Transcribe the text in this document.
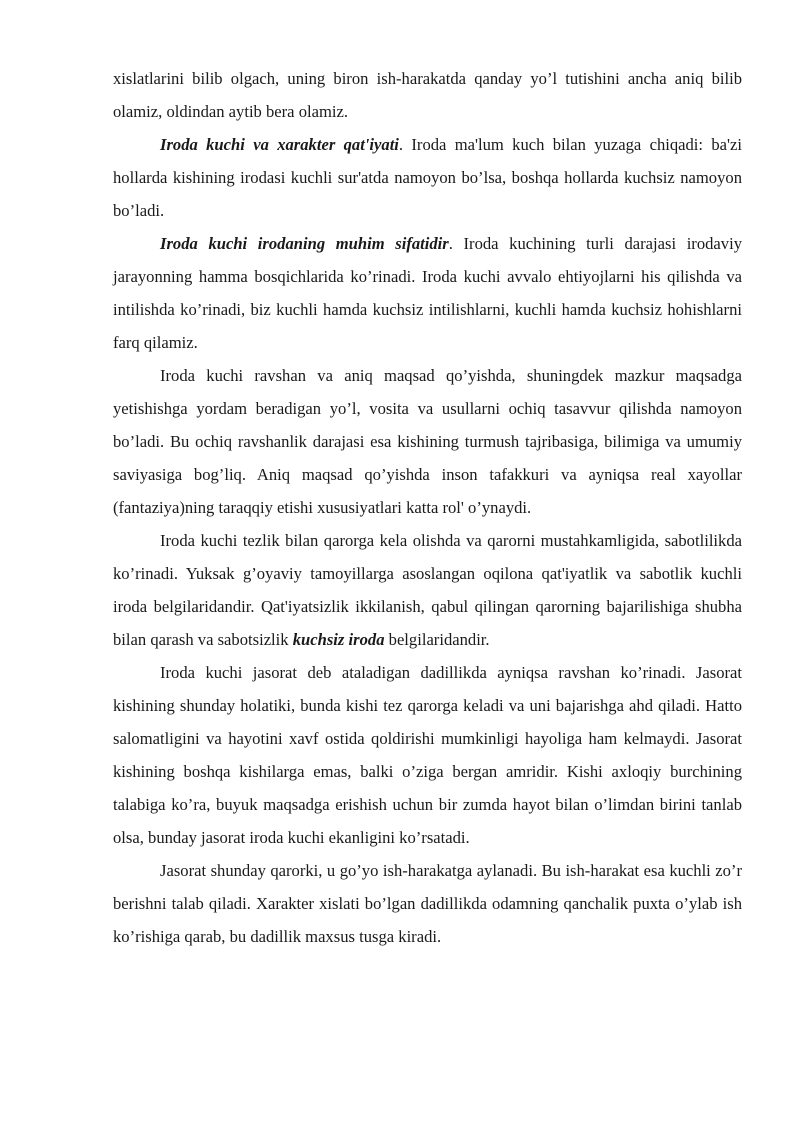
xislatlarini bilib olgach, uning biron ish-harakatda qanday yo’l tutishini ancha aniq bilib olamiz, oldindan aytib bera olamiz.

Iroda kuchi va xarakter qat'iyati. Iroda ma'lum kuch bilan yuzaga chiqadi: ba'zi hollarda kishining irodasi kuchli sur'atda namoyon bo’lsa, boshqa hollarda kuchsiz namoyon bo’ladi.

Iroda kuchi irodaning muhim sifatidir. Iroda kuchining turli darajasi irodaviy jarayonning hamma bosqichlarida ko’rinadi. Iroda kuchi avvalo ehtiyojlarni his qilishda va intilishda ko’rinadi, biz kuchli hamda kuchsiz intilishlarni, kuchli hamda kuchsiz hohishlarni farq qilamiz.

Iroda kuchi ravshan va aniq maqsad qo’yishda, shuningdek mazkur maqsadga yetishishga yordam beradigan yo’l, vosita va usullarni ochiq tasavvur qilishda namoyon bo’ladi. Bu ochiq ravshanlik darajasi esa kishining turmush tajribasiga, bilimiga va umumiy saviyasiga bog’liq. Aniq maqsad qo’yishda inson tafakkuri va ayniqsa real xayollar (fantaziya)ning taraqqiy etishi xususiyatlari katta rol' o’ynaydi.

Iroda kuchi tezlik bilan qarorga kela olishda va qarorni mustahkamligida, sabotlilikda ko’rinadi. Yuksak g’oyaviy tamoyillarga asoslangan oqilona qat'iyatlik va sabotlik kuchli iroda belgilaridandir. Qat'iyatsizlik ikkilanish, qabul qilingan qarorning bajarilishiga shubha bilan qarash va sabotsizlik kuchsiz iroda belgilaridandir.

Iroda kuchi jasorat deb ataladigan dadillikda ayniqsa ravshan ko’rinadi. Jasorat kishining shunday holatiki, bunda kishi tez qarorga keladi va uni bajarishga ahd qiladi. Hatto salomatligini va hayotini xavf ostida qoldirishi mumkinligi hayoliga ham kelmaydi. Jasorat kishining boshqa kishilarga emas, balki o’ziga bergan amridir. Kishi axloqiy burchining talabiga ko’ra, buyuk maqsadga erishish uchun bir zumda hayot bilan o’limdan birini tanlab olsa, bunday jasorat iroda kuchi ekanligini ko’rsatadi.

Jasorat shunday qarorki, u go’yo ish-harakatga aylanadi. Bu ish-harakat esa kuchli zo’r berishni talab qiladi. Xarakter xislati bo’lgan dadillikda odamning qanchalik puxta o’ylab ish ko’rishiga qarab, bu dadillik maxsus tusga kiradi.
